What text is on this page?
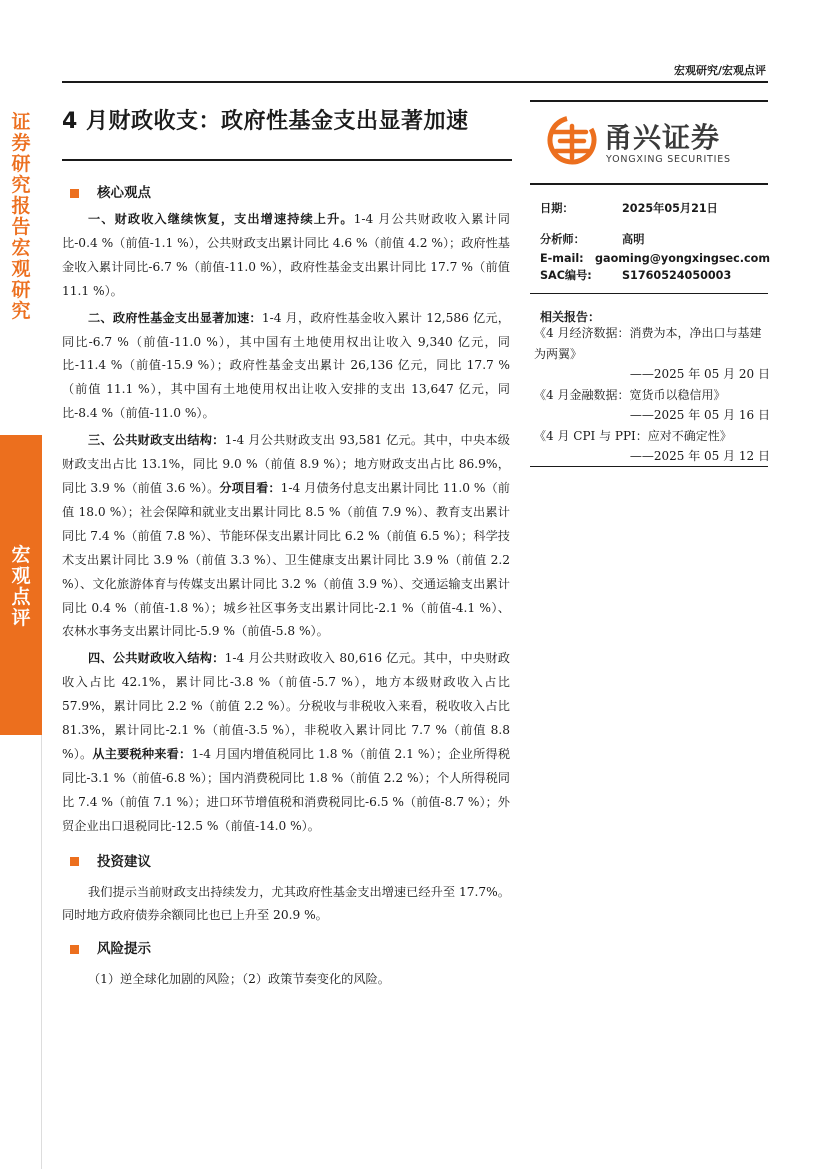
证券研究报告 宏观研究
宏观点评
宏观研究/宏观点评
4 月财政收支：政府性基金支出显著加速	甬兴证券
YONGXING SECURITIES
日期：	2025年05月21日
分析师：	高明
E-mail:	gaoming@yongxingsec.com
SAC编号:	S1760524050003
相关报告：
《4 月经济数据：消费为本，净出口与基建为两翼》
——2025 年 05 月 20 日
《4 月金融数据：宽货币以稳信用》
——2025 年 05 月 16 日
《4 月 CPI 与 PPI：应对不确定性》
——2025 年 05 月 12 日
核心观点

一、财政收入继续恢复，支出增速持续上升。1-4 月公共财政收入累计同比-0.4 %（前值-1.1 %），公共财政支出累计同比 4.6 %（前值 4.2 %）；政府性基金收入累计同比-6.7 %（前值-11.0 %），政府性基金支出累计同比 17.7 %（前值 11.1 %）。

二、政府性基金支出显著加速：1-4 月，政府性基金收入累计 12,586 亿元，同比-6.7 %（前值-11.0 %），其中国有土地使用权出让收入 9,340 亿元，同比-11.4 %（前值-15.9 %）；政府性基金支出累计 26,136 亿元，同比 17.7 %（前值 11.1 %），其中国有土地使用权出让收入安排的支出 13,647 亿元，同比-8.4 %（前值-11.0 %）。

三、公共财政支出结构：1-4 月公共财政支出 93,581 亿元。其中，中央本级财政支出占比 13.1%，同比 9.0 %（前值 8.9 %）；地方财政支出占比 86.9%，同比 3.9 %（前值 3.6 %）。分项目看：1-4 月债务付息支出累计同比 11.0 %（前值 18.0 %）；社会保障和就业支出累计同比 8.5 %（前值 7.9 %）、教育支出累计同比 7.4 %（前值 7.8 %）、节能环保支出累计同比 6.2 %（前值 6.5 %）；科学技术支出累计同比 3.9 %（前值 3.3 %）、卫生健康支出累计同比 3.9 %（前值 2.2 %）、文化旅游体育与传媒支出累计同比 3.2 %（前值 3.9 %）、交通运输支出累计同比 0.4 %（前值-1.8 %）；城乡社区事务支出累计同比-2.1 %（前值-4.1 %）、农林水事务支出累计同比-5.9 %（前值-5.8 %）。

四、公共财政收入结构：1-4 月公共财政收入 80,616 亿元。其中，中央财政收入占比 42.1%，累计同比-3.8 %（前值-5.7 %），地方本级财政收入占比 57.9%，累计同比 2.2 %（前值 2.2 %）。分税收与非税收入来看，税收收入占比 81.3%，累计同比-2.1 %（前值-3.5 %），非税收入累计同比 7.7 %（前值 8.8 %）。从主要税种来看：1-4 月国内增值税同比 1.8 %（前值 2.1 %）；企业所得税同比-3.1 %（前值-6.8 %）；国内消费税同比 1.8 %（前值 2.2 %）；个人所得税同比 7.4 %（前值 7.1 %）；进口环节增值税和消费税同比-6.5 %（前值-8.7 %）；外贸企业出口退税同比-12.5 %（前值-14.0 %）。

投资建议

我们提示当前财政支出持续发力，尤其政府性基金支出增速已经升至 17.7%。同时地方政府债券余额同比也已上升至 20.9 %。

风险提示

（1）逆全球化加剧的风险；（2）政策节奏变化的风险。
